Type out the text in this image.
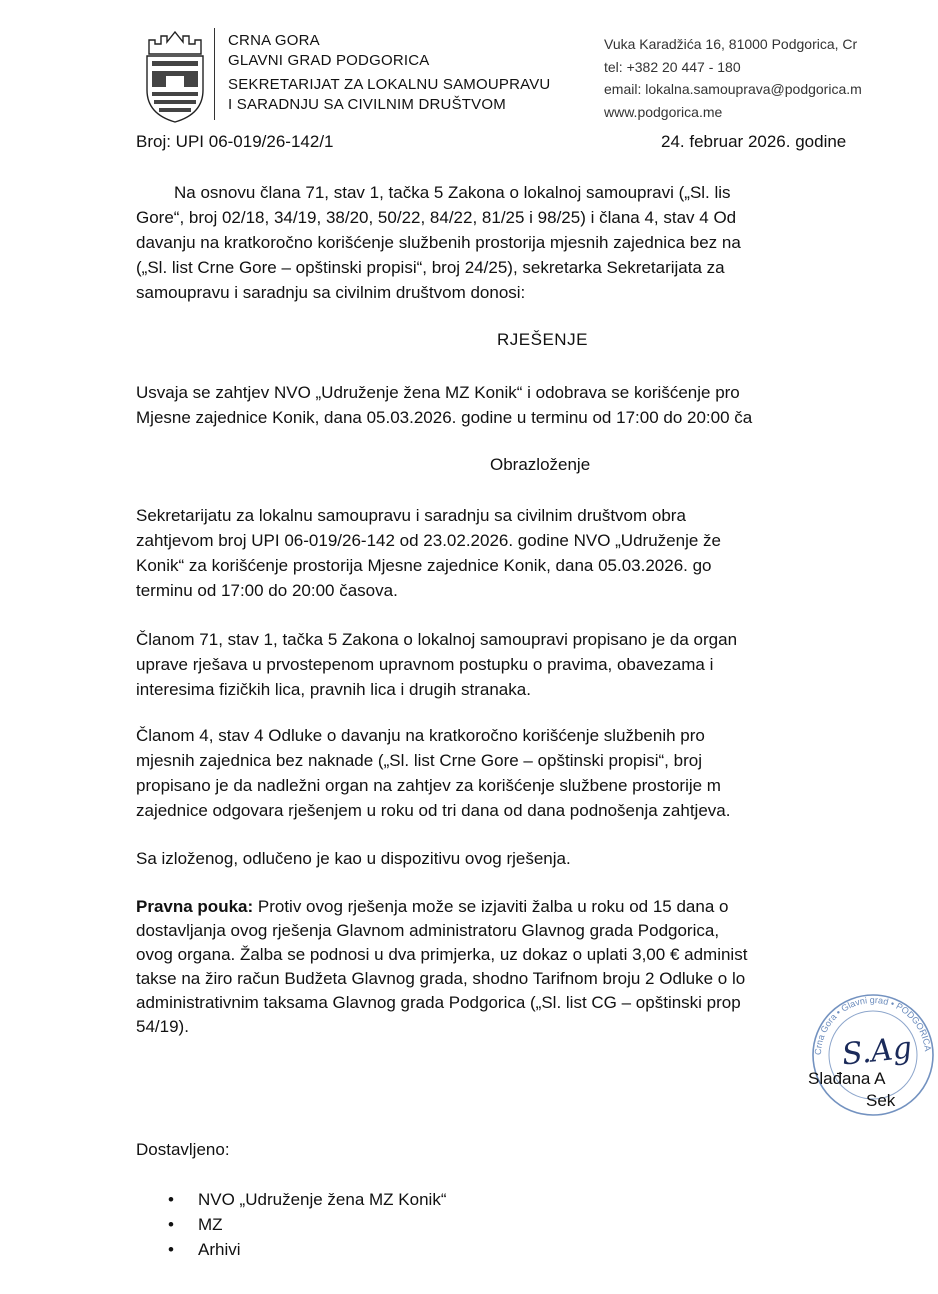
CRNA GORA
GLAVNI GRAD PODGORICA
SEKRETARIJAT ZA LOKALNU SAMOUPRAVU
I SARADNJU SA CIVILNIM DRUŠTVOM
Vuka Karadžića 16, 81000 Podgorica, Cr
tel: +382 20 447 - 180
email: lokalna.samouprava@podgorica.m
www.podgorica.me
Broj: UPI 06-019/26-142/1	24. februar 2026. godine
Na osnovu člana 71, stav 1, tačka 5 Zakona o lokalnoj samoupravi („Sl. lis
Gore“, broj 02/18, 34/19, 38/20, 50/22, 84/22, 81/25 i 98/25) i člana 4, stav 4 Od
davanju na kratkoročno korišćenje službenih prostorija mjesnih zajednica bez na
(„Sl. list Crne Gore – opštinski propisi“, broj 24/25), sekretarka Sekretarijata za
samoupravu i saradnju sa civilnim društvom donosi:
RJEŠENJE
Usvaja se zahtjev NVO „Udruženje žena MZ Konik“ i odobrava se korišćenje pro
Mjesne zajednice Konik, dana 05.03.2026. godine u terminu od 17:00 do 20:00 ča
Obrazloženje
Sekretarijatu za lokalnu samoupravu i saradnju sa civilnim društvom obra
zahtjevom broj UPI 06-019/26-142 od 23.02.2026. godine NVO „Udruženje že
Konik“ za korišćenje prostorija Mjesne zajednice Konik, dana 05.03.2026. go
terminu od 17:00 do 20:00 časova.
Članom 71, stav 1, tačka 5 Zakona o lokalnoj samoupravi propisano je da organ
uprave rješava u prvostepenom upravnom postupku o pravima, obavezama i
interesima fizičkih lica, pravnih lica i drugih stranaka.
Članom 4, stav 4 Odluke o davanju na kratkoročno korišćenje službenih pro
mjesnih zajednica bez naknade („Sl. list Crne Gore – opštinski propisi“, broj
propisano je da nadležni organ na zahtjev za korišćenje službene prostorije m
zajednice odgovara rješenjem u roku od tri dana od dana podnošenja zahtjeva.
Sa izloženog, odlučeno je kao u dispozitivu ovog rješenja.
Pravna pouka: Protiv ovog rješenja može se izjaviti žalba u roku od 15 dana o
dostavljanja ovog rješenja Glavnom administratoru Glavnog grada Podgorica,
ovog organa. Žalba se podnosi u dva primjerka, uz dokaz o uplati 3,00 € administ
takse na žiro račun Budžeta Glavnog grada, shodno Tarifnom broju 2 Odluke o lo
administrativnim taksama Glavnog grada Podgorica („Sl. list CG – opštinski prop
54/19).
Crna Gora • Glavni grad • PODGORICA
S.Ag
Slađana A
Sek
Dostavljeno:
• NVO „Udruženje žena MZ Konik“
• MZ
• Arhivi
